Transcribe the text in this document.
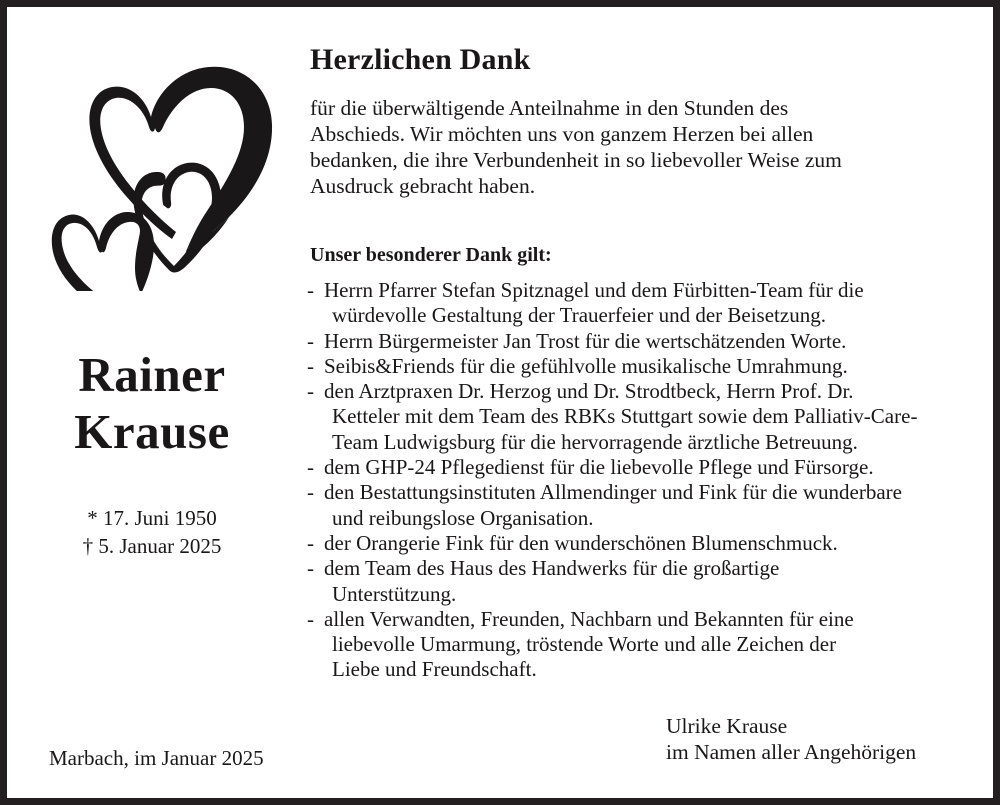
Rainer
Krause
* 17. Juni 1950
† 5. Januar 2025
Marbach, im Januar 2025
Herzlichen Dank
für die überwältigende Anteilnahme in den Stunden des
Abschieds. Wir möchten uns von ganzem Herzen bei allen
bedanken, die ihre Verbundenheit in so liebevoller Weise zum
Ausdruck gebracht haben.
Unser besonderer Dank gilt:
- Herrn Pfarrer Stefan Spitznagel und dem Fürbitten-Team für die
würdevolle Gestaltung der Trauerfeier und der Beisetzung.
- Herrn Bürgermeister Jan Trost für die wertschätzenden Worte.
- Seibis&Friends für die gefühlvolle musikalische Umrahmung.
- den Arztpraxen Dr. Herzog und Dr. Strodtbeck, Herrn Prof. Dr.
Ketteler mit dem Team des RBKs Stuttgart sowie dem Palliativ-Care-
Team Ludwigsburg für die hervorragende ärztliche Betreuung.
- dem GHP-24 Pflegedienst für die liebevolle Pflege und Fürsorge.
- den Bestattungsinstituten Allmendinger und Fink für die wunderbare
und reibungslose Organisation.
- der Orangerie Fink für den wunderschönen Blumenschmuck.
- dem Team des Haus des Handwerks für die großartige
Unterstützung.
- allen Verwandten, Freunden, Nachbarn und Bekannten für eine
liebevolle Umarmung, tröstende Worte und alle Zeichen der
Liebe und Freundschaft.
Ulrike Krause
im Namen aller Angehörigen
